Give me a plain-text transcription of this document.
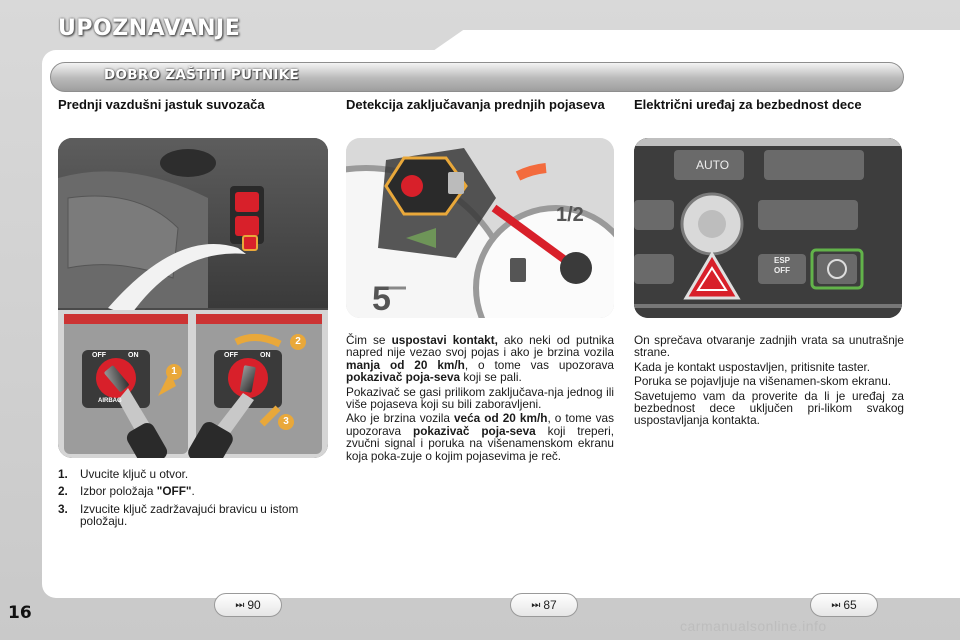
UPOZNAVANJE
DOBRO ZAŠTITI PUTNIKE
Prednji vazdušni jastuk suvozača
OFF	ON
AIRBAG
OFF	ON
1
2
3
1.	Uvucite ključ u otvor.
2.	Izbor položaja "OFF".
3.	Izvucite ključ zadržavajući bravicu u istom položaju.
Detekcija zaključavanja prednjih pojaseva
1/2
5

Čim se uspostavi kontakt, ako neki od putnika napred nije vezao svoj pojas i ako je brzina vozila manja od 20 km/h, o tome vas upozorava pokazivač poja-seva koji se pali.

Pokazivač se gasi prilikom zaključava-nja jednog ili više pojaseva koji su bili zaboravljeni.

Ako je brzina vozila veća od 20 km/h, o tome vas upozorava pokazivač poja-seva koji treperi, zvučni signal i poruka na višenamenskom ekranu koja poka-zuje o kojim pojasevima je reč.

Električni uređaj za bezbednost dece
AUTO
ESP
OFF

On sprečava otvaranje zadnjih vrata sa unutrašnje strane.

Kada je kontakt uspostavljen, pritisnite taster.

Poruka se pojavljuje na višenamen-skom ekranu.

Savetujemo vam da proverite da li je uređaj za bezbednost dece uključen pri-likom svakog uspostavljanja kontakta.

⏭ 90	⏭ 87	⏭ 65
16
carmanualsonline.info
